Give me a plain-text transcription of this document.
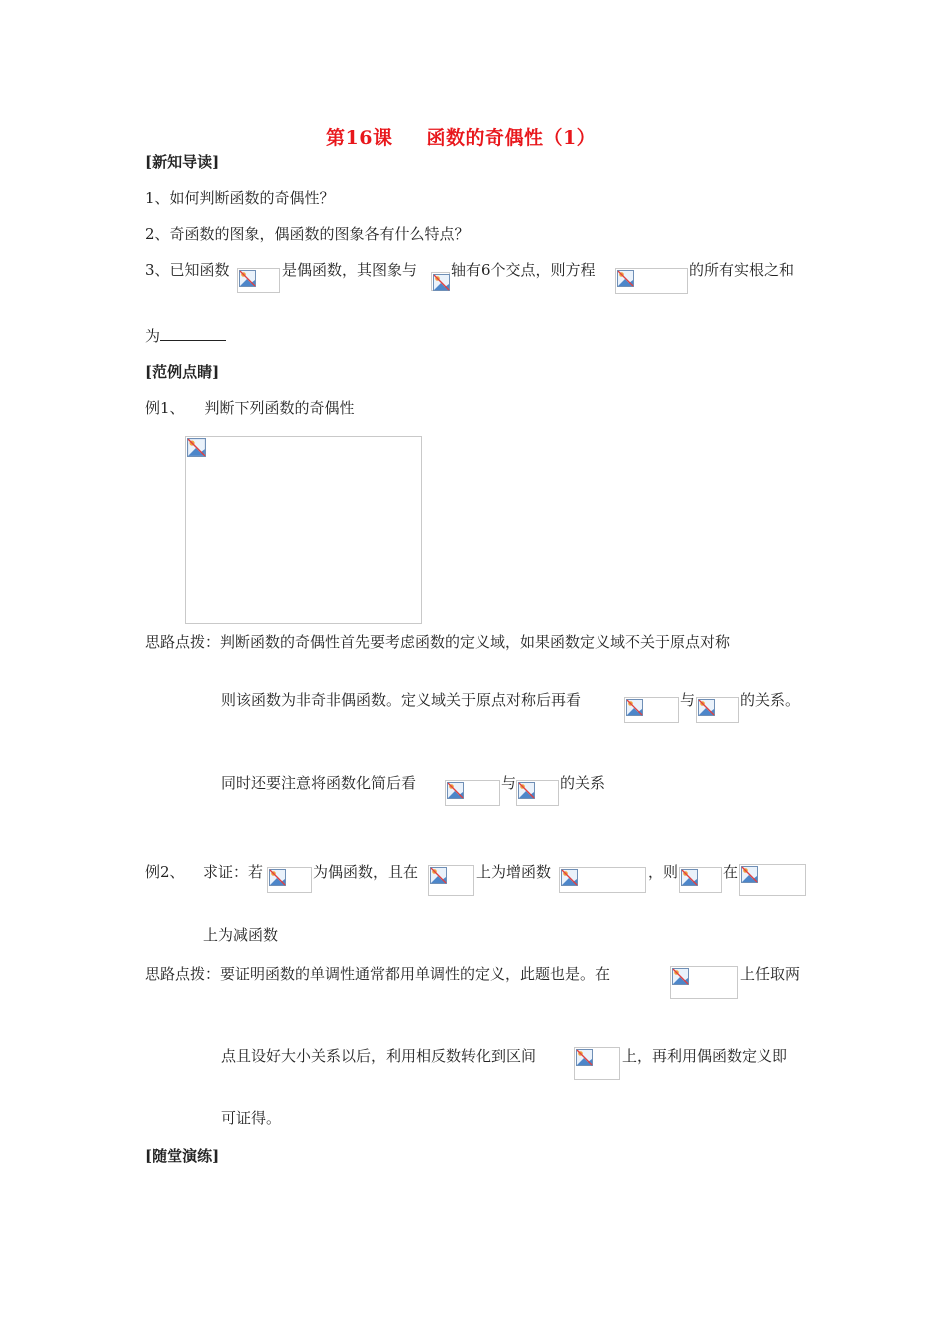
第16课 函数的奇偶性（1）
[新知导读]
1、如何判断函数的奇偶性？
2、奇函数的图象，偶函数的图象各有什么特点？
3、已知函数	是偶函数，其图象与 轴有6个交点，则方程	的所有实根之和
为
[范例点睛]
例1、 判断下列函数的奇偶性
思路点拨：判断函数的奇偶性首先要考虑函数的定义域，如果函数定义域不关于原点对称
则该函数为非奇非偶函数。定义域关于原点对称后再看	与	的关系。
同时还要注意将函数化简后看	与	的关系
例2、 求证：若	为偶函数，且在	上为增函数	，则	在
上为减函数
思路点拨：要证明函数的单调性通常都用单调性的定义，此题也是。在	上任取两
点且设好大小关系以后，利用相反数转化到区间	上，再利用偶函数定义即
可证得。
[随堂演练]
